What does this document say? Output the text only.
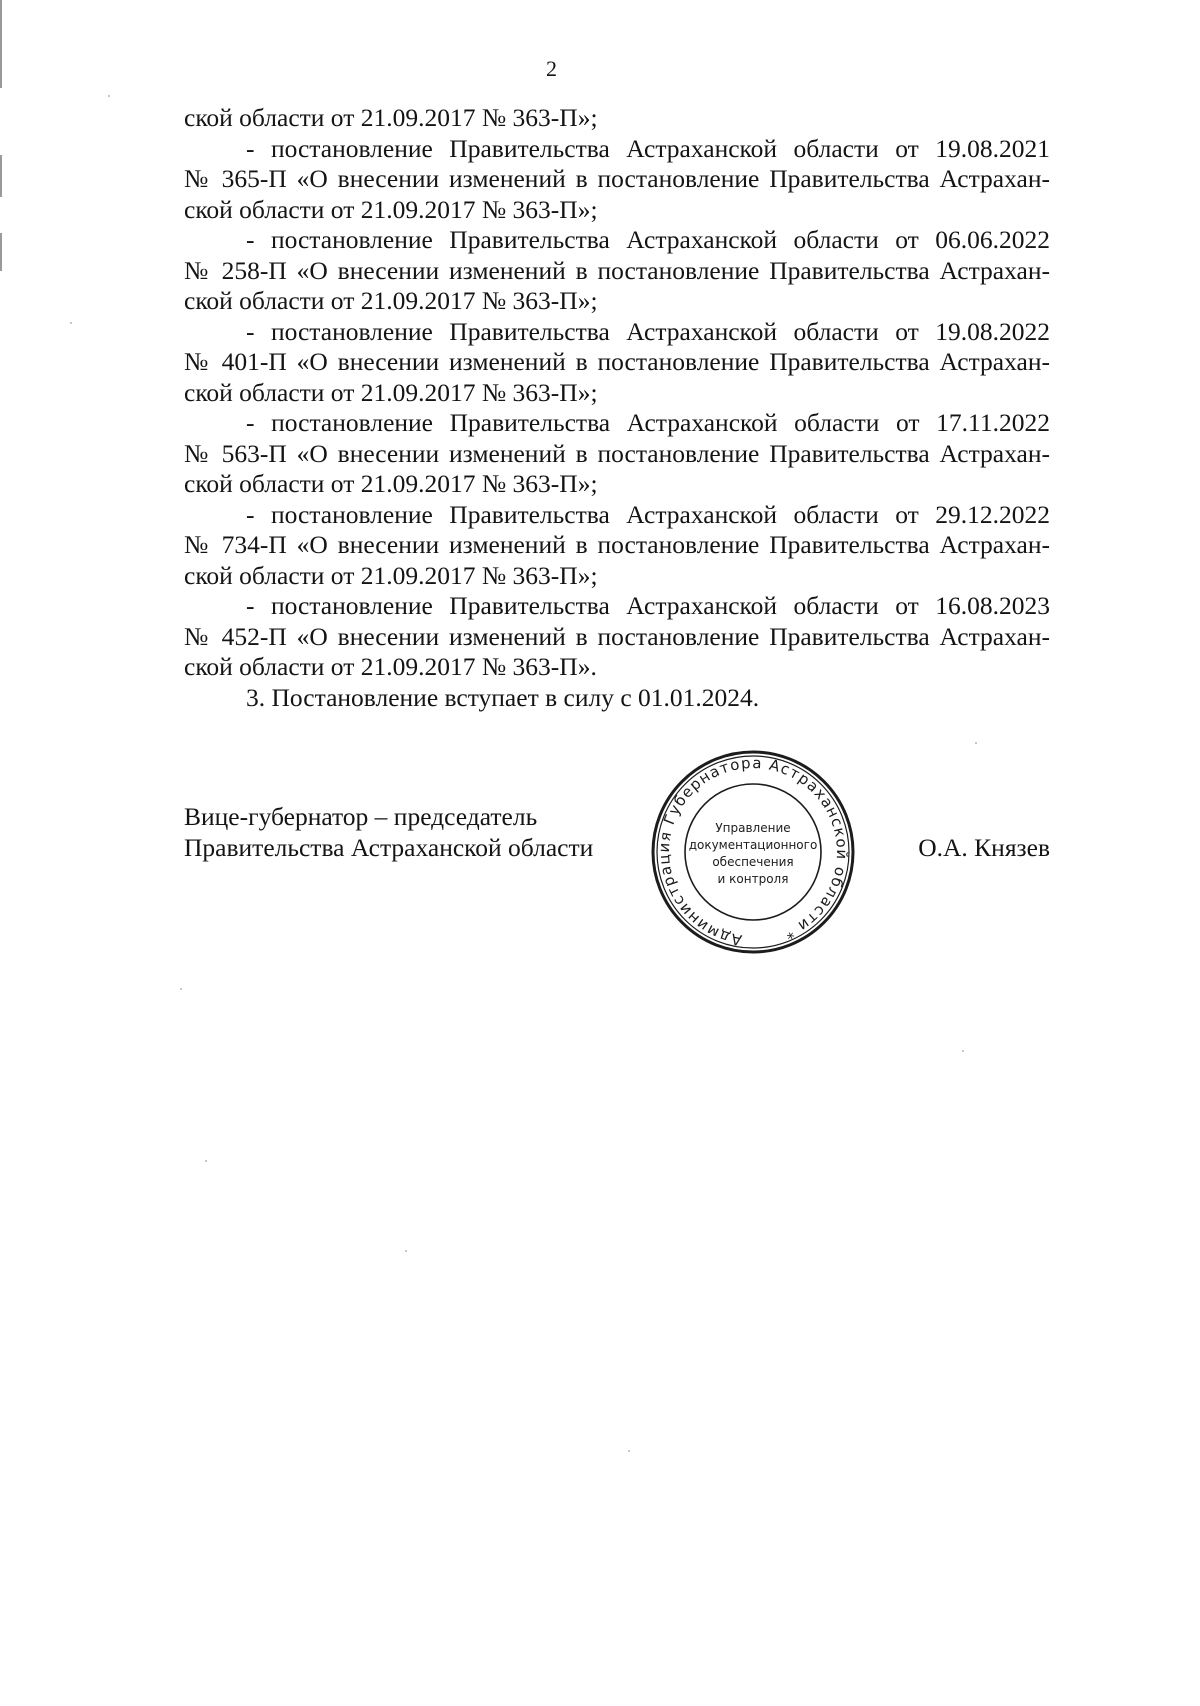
2
ской области от 21.09.2017 № 363-П»;
- постановление Правительства Астраханской области от 19.08.2021
№ 365-П «О внесении изменений в постановление Правительства Астрахан-
ской области от 21.09.2017 № 363-П»;
- постановление Правительства Астраханской области от 06.06.2022
№ 258-П «О внесении изменений в постановление Правительства Астрахан-
ской области от 21.09.2017 № 363-П»;
- постановление Правительства Астраханской области от 19.08.2022
№ 401-П «О внесении изменений в постановление Правительства Астрахан-
ской области от 21.09.2017 № 363-П»;
- постановление Правительства Астраханской области от 17.11.2022
№ 563-П «О внесении изменений в постановление Правительства Астрахан-
ской области от 21.09.2017 № 363-П»;
- постановление Правительства Астраханской области от 29.12.2022
№ 734-П «О внесении изменений в постановление Правительства Астрахан-
ской области от 21.09.2017 № 363-П»;
- постановление Правительства Астраханской области от 16.08.2023
№ 452-П «О внесении изменений в постановление Правительства Астрахан-
ской области от 21.09.2017 № 363-П».
3. Постановление вступает в силу с 01.01.2024.
Вице-губернатор – председатель
Правительства Астраханской области	О.А. Князев
Администрация Губернатора Астраханской области *
Управление
документационного
обеспечения
и контроля
